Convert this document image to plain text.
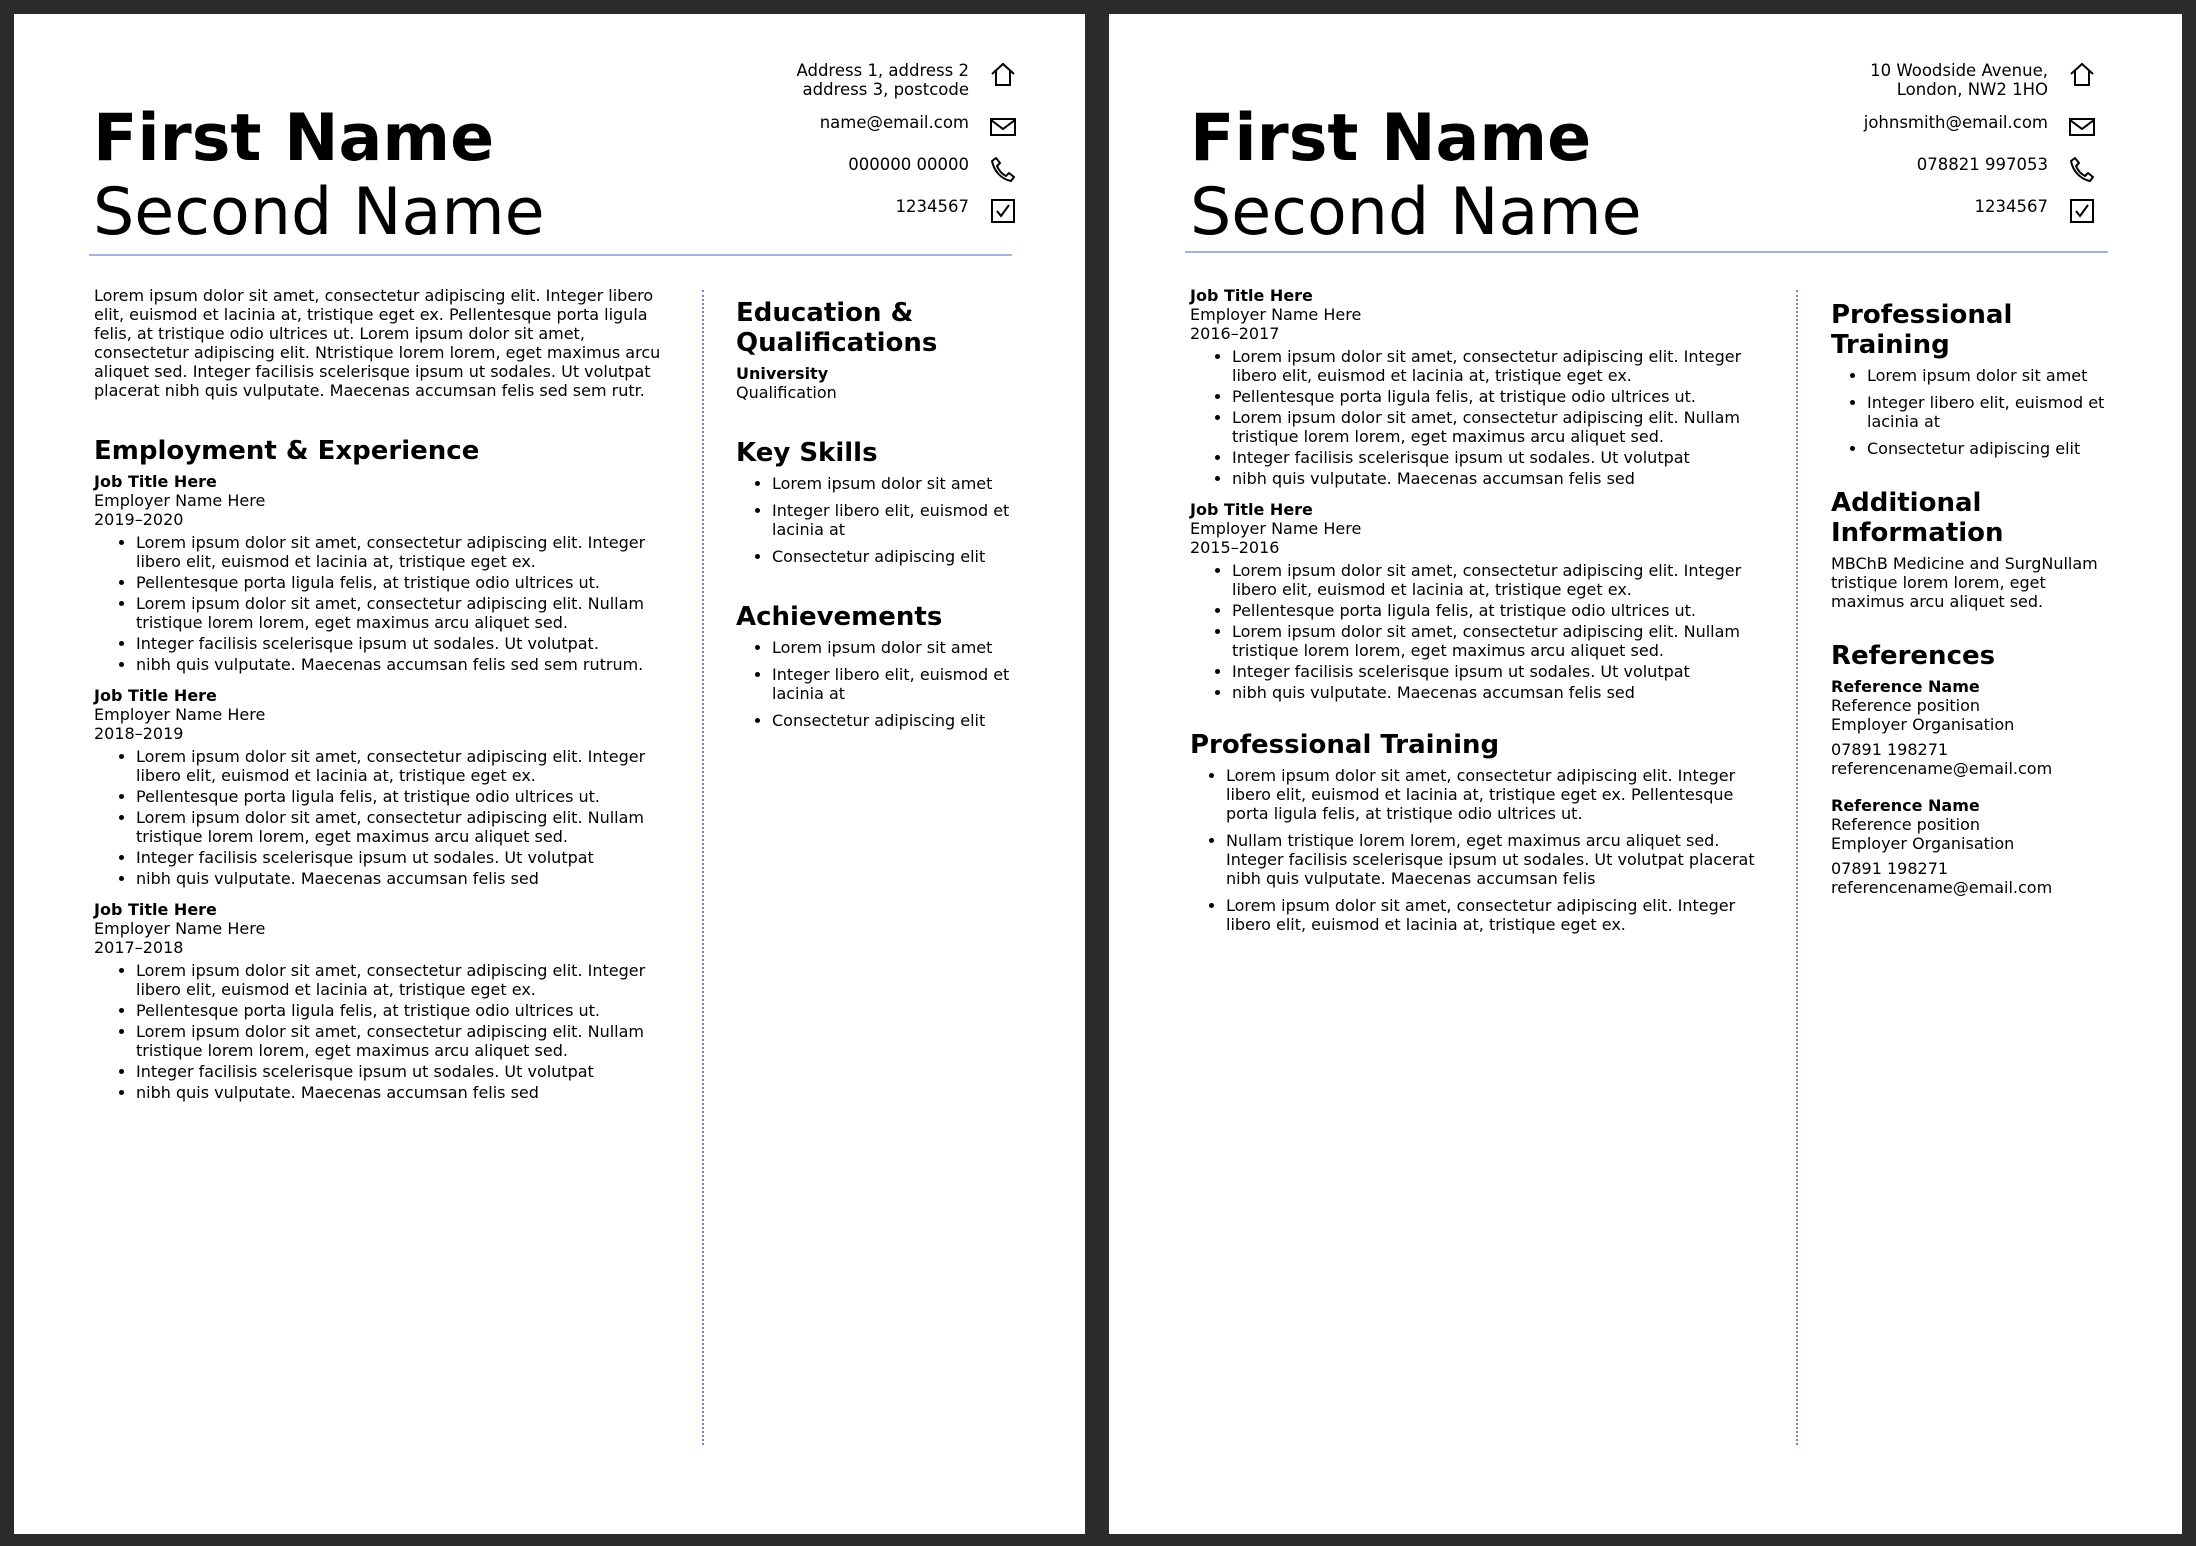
First Name
Second Name
Address 1, address 2
address 3, postcode
name@email.com
000000 00000
1234567

Lorem ipsum dolor sit amet, consectetur adipiscing elit. Integer libero elit, euismod et lacinia at, tristique eget ex. Pellentesque porta ligula felis, at tristique odio ultrices ut. Lorem ipsum dolor sit amet, consectetur adipiscing elit. Ntristique lorem lorem, eget maximus arcu aliquet sed. Integer facilisis scelerisque ipsum ut sodales. Ut volutpat placerat nibh quis vulputate. Maecenas accumsan felis sed sem rutr.

Employment & Experience
Job Title Here
Employer Name Here
2019–2020
• Lorem ipsum dolor sit amet, consectetur adipiscing elit. Integer libero elit, euismod et lacinia at, tristique eget ex.
• Pellentesque porta ligula felis, at tristique odio ultrices ut.
• Lorem ipsum dolor sit amet, consectetur adipiscing elit. Nullam tristique lorem lorem, eget maximus arcu aliquet sed.
• Integer facilisis scelerisque ipsum ut sodales. Ut volutpat.
• nibh quis vulputate. Maecenas accumsan felis sed sem rutrum.
Job Title Here
Employer Name Here
2018–2019
• Lorem ipsum dolor sit amet, consectetur adipiscing elit. Integer libero elit, euismod et lacinia at, tristique eget ex.
• Pellentesque porta ligula felis, at tristique odio ultrices ut.
• Lorem ipsum dolor sit amet, consectetur adipiscing elit. Nullam tristique lorem lorem, eget maximus arcu aliquet sed.
• Integer facilisis scelerisque ipsum ut sodales. Ut volutpat
• nibh quis vulputate. Maecenas accumsan felis sed
Job Title Here
Employer Name Here
2017–2018
• Lorem ipsum dolor sit amet, consectetur adipiscing elit. Integer libero elit, euismod et lacinia at, tristique eget ex.
• Pellentesque porta ligula felis, at tristique odio ultrices ut.
• Lorem ipsum dolor sit amet, consectetur adipiscing elit. Nullam tristique lorem lorem, eget maximus arcu aliquet sed.
• Integer facilisis scelerisque ipsum ut sodales. Ut volutpat
• nibh quis vulputate. Maecenas accumsan felis sed
Education & Qualifications
University
Qualification
Key Skills
• Lorem ipsum dolor sit amet
• Integer libero elit, euismod et lacinia at
• Consectetur adipiscing elit
Achievements
• Lorem ipsum dolor sit amet
• Integer libero elit, euismod et lacinia at
• Consectetur adipiscing elit
First Name
Second Name
10 Woodside Avenue,
London, NW2 1HO
johnsmith@email.com
078821 997053
1234567
Job Title Here
Employer Name Here
2016–2017
• Lorem ipsum dolor sit amet, consectetur adipiscing elit. Integer libero elit, euismod et lacinia at, tristique eget ex.
• Pellentesque porta ligula felis, at tristique odio ultrices ut.
• Lorem ipsum dolor sit amet, consectetur adipiscing elit. Nullam tristique lorem lorem, eget maximus arcu aliquet sed.
• Integer facilisis scelerisque ipsum ut sodales. Ut volutpat
• nibh quis vulputate. Maecenas accumsan felis sed
Job Title Here
Employer Name Here
2015–2016
• Lorem ipsum dolor sit amet, consectetur adipiscing elit. Integer libero elit, euismod et lacinia at, tristique eget ex.
• Pellentesque porta ligula felis, at tristique odio ultrices ut.
• Lorem ipsum dolor sit amet, consectetur adipiscing elit. Nullam tristique lorem lorem, eget maximus arcu aliquet sed.
• Integer facilisis scelerisque ipsum ut sodales. Ut volutpat
• nibh quis vulputate. Maecenas accumsan felis sed
Professional Training
• Lorem ipsum dolor sit amet, consectetur adipiscing elit. Integer libero elit, euismod et lacinia at, tristique eget ex. Pellentesque porta ligula felis, at tristique odio ultrices ut.
• Nullam tristique lorem lorem, eget maximus arcu aliquet sed. Integer facilisis scelerisque ipsum ut sodales. Ut volutpat placerat nibh quis vulputate. Maecenas accumsan felis
• Lorem ipsum dolor sit amet, consectetur adipiscing elit. Integer libero elit, euismod et lacinia at, tristique eget ex.
Professional Training
• Lorem ipsum dolor sit amet
• Integer libero elit, euismod et lacinia at
• Consectetur adipiscing elit
Additional Information

MBChB Medicine and SurgNullam tristique lorem lorem, eget maximus arcu aliquet sed.

References
Reference Name
Reference position
Employer Organisation
07891 198271
referencename@email.com
Reference Name
Reference position
Employer Organisation
07891 198271
referencename@email.com
